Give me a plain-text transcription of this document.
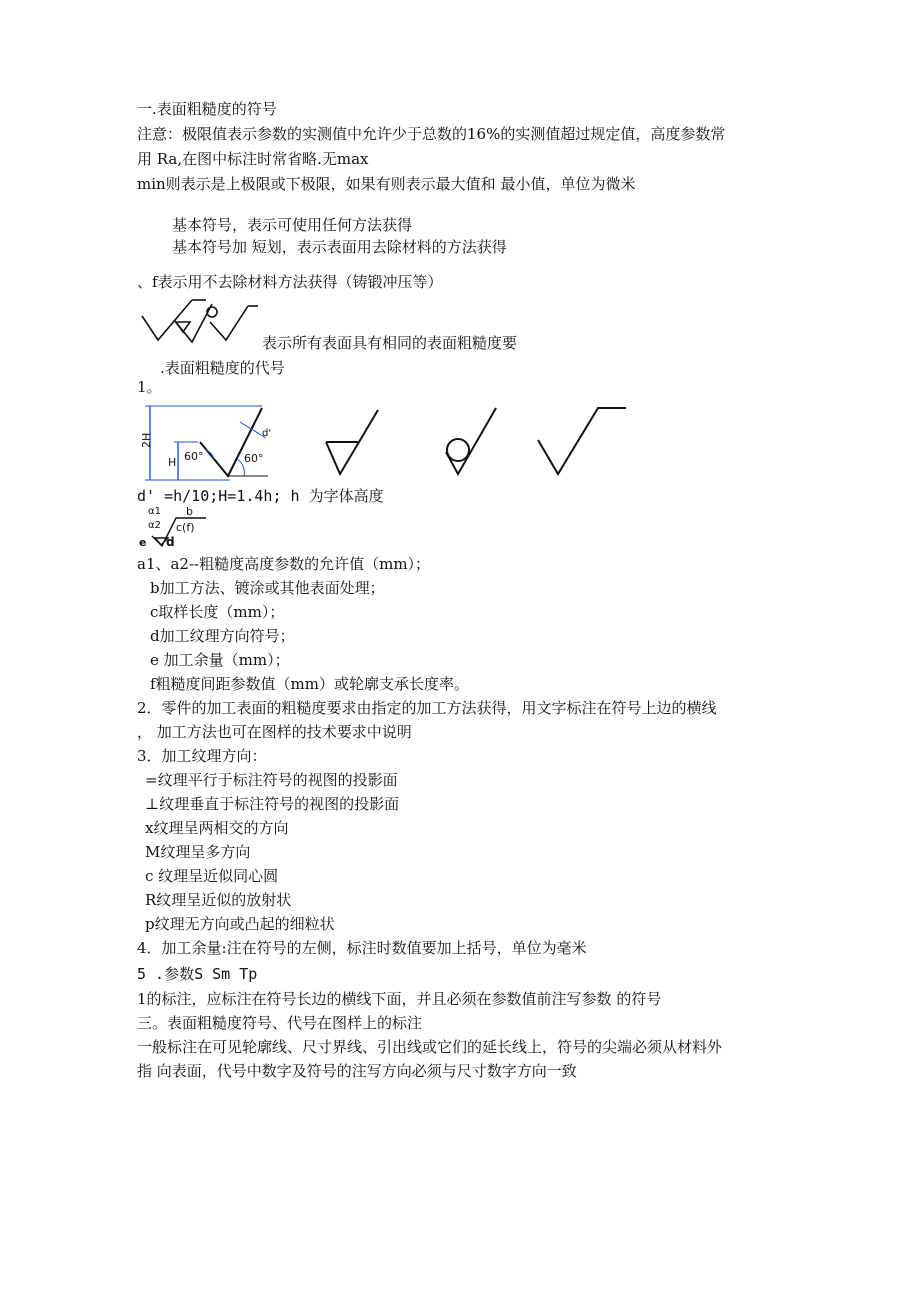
一.表面粗糙度的符号
注意：极限值表示参数的实测值中允许少于总数的16%的实测值超过规定值，高度参数常
用 Ra,在图中标注时常省略.无max
min则表示是上极限或下极限，如果有则表示最大值和 最小值，单位为微米
基本符号，表示可使用任何方法获得
基本符号加 短划，表示表面用去除材料的方法获得
、f表示用不去除材料方法获得（铸锻冲压等）
表示所有表面具有相同的表面粗糙度要
.表面粗糙度的代号
1。
2H
H 60°	60°
d'
d' =h/10;H=1.4h; h 为字体高度
α1
α2
b
c(f)
e d
a1、a2--粗糙度高度参数的允许值（mm）；
b加工方法、镀涂或其他表面处理；
c取样长度（mm）；
d加工纹理方向符号；
e 加工余量（mm）；
f粗糙度间距参数值（mm）或轮廓支承长度率。
2．零件的加工表面的粗糙度要求由指定的加工方法获得，用文字标注在符号上边的横线
， 加工方法也可在图样的技术要求中说明
3．加工纹理方向：
=纹理平行于标注符号的视图的投影面
⊥纹理垂直于标注符号的视图的投影面
x纹理呈两相交的方向
M纹理呈多方向
c 纹理呈近似同心圆
R纹理呈近似的放射状
p纹理无方向或凸起的细粒状
4．加工余量:注在符号的左侧，标注时数值要加上括号，单位为毫米
5 .参数S Sm Tp
1的标注，应标注在符号长边的横线下面，并且必须在参数值前注写参数 的符号
三。表面粗糙度符号、代号在图样上的标注
一般标注在可见轮廓线、尺寸界线、引出线或它们的延长线上，符号的尖端必须从材料外
指 向表面，代号中数字及符号的注写方向必须与尺寸数字方向一致
